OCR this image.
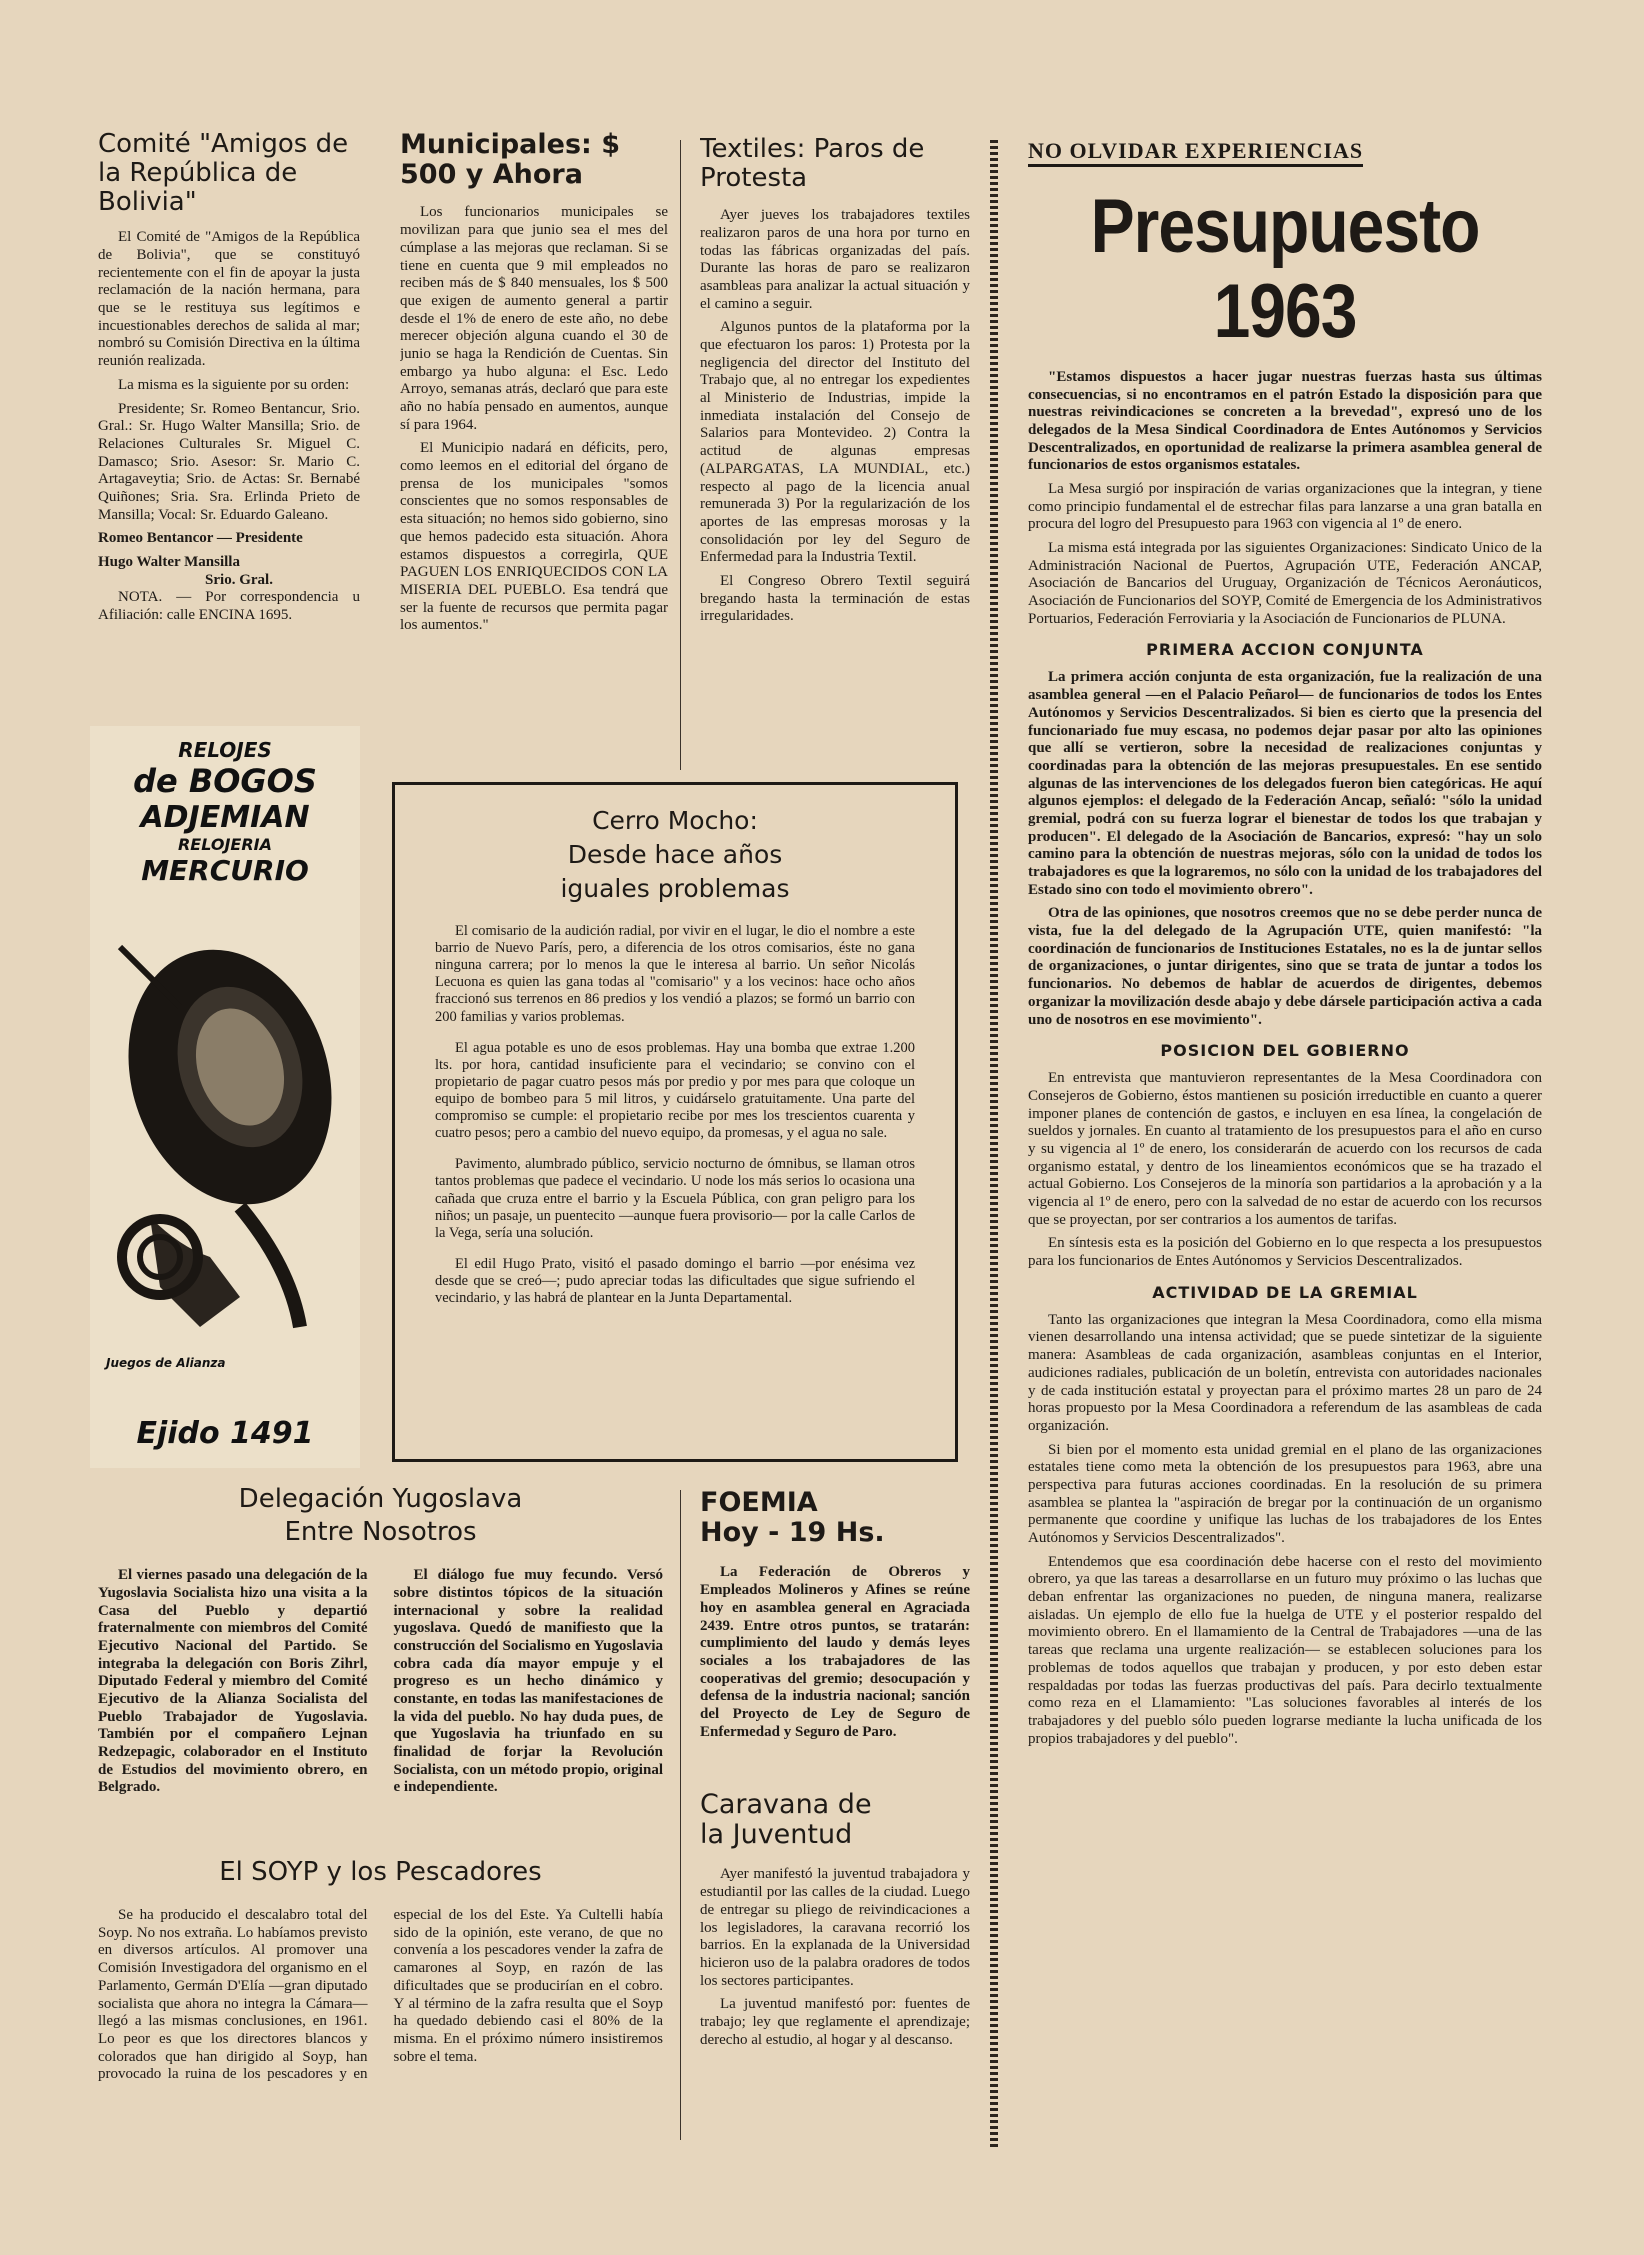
Comité "Amigos de la República de Bolivia"

El Comité de "Amigos de la República de Bolivia", que se constituyó recientemente con el fin de apoyar la justa reclamación de la nación hermana, para que se le restituya sus legítimos e incuestionables derechos de salida al mar; nombró su Comisión Directiva en la última reunión realizada.

La misma es la siguiente por su orden:

Presidente; Sr. Romeo Bentancur, Srio. Gral.: Sr. Hugo Walter Mansilla; Srio. de Relaciones Culturales Sr. Miguel C. Damasco; Srio. Asesor: Sr. Mario C. Artagaveytia; Srio. de Actas: Sr. Bernabé Quiñones; Sria. Sra. Erlinda Prieto de Mansilla; Vocal: Sr. Eduardo Galeano.

Romeo Bentancor — Presidente

Hugo Walter Mansilla

Srio. Gral.

NOTA. — Por correspondencia u Afiliación: calle ENCINA 1695.

RELOJES

de BOGOS

ADJEMIAN

RELOJERIA

MERCURIO

Juegos de Alianza

Ejido 1491

Municipales: $ 500 y Ahora

Los funcionarios municipales se movilizan para que junio sea el mes del cúmplase a las mejoras que reclaman. Si se tiene en cuenta que 9 mil empleados no reciben más de $ 840 mensuales, los $ 500 que exigen de aumento general a partir desde el 1% de enero de este año, no debe merecer objeción alguna cuando el 30 de junio se haga la Rendición de Cuentas. Sin embargo ya hubo alguna: el Esc. Ledo Arroyo, semanas atrás, declaró que para este año no había pensado en aumentos, aunque sí para 1964.

El Municipio nadará en déficits, pero, como leemos en el editorial del órgano de prensa de los municipales "somos conscientes que no somos responsables de esta situación; no hemos sido gobierno, sino que hemos padecido esta situación. Ahora estamos dispuestos a corregirla, QUE PAGUEN LOS ENRIQUECIDOS CON LA MISERIA DEL PUEBLO. Esa tendrá que ser la fuente de recursos que permita pagar los aumentos."

Textiles: Paros de Protesta

Ayer jueves los trabajadores textiles realizaron paros de una hora por turno en todas las fábricas organizadas del país. Durante las horas de paro se realizaron asambleas para analizar la actual situación y el camino a seguir.

Algunos puntos de la plataforma por la que efectuaron los paros: 1) Protesta por la negligencia del director del Instituto del Trabajo que, al no entregar los expedientes al Ministerio de Industrias, impide la inmediata instalación del Consejo de Salarios para Montevideo. 2) Contra la actitud de algunas empresas (ALPARGATAS, LA MUNDIAL, etc.) respecto al pago de la licencia anual remunerada 3) Por la regularización de los aportes de las empresas morosas y la consolidación por ley del Seguro de Enfermedad para la Industria Textil.

El Congreso Obrero Textil seguirá bregando hasta la terminación de estas irregularidades.

NO OLVIDAR EXPERIENCIAS
Presupuesto 1963

"Estamos dispuestos a hacer jugar nuestras fuerzas hasta sus últimas consecuencias, si no encontramos en el patrón Estado la disposición para que nuestras reivindicaciones se concreten a la brevedad", expresó uno de los delegados de la Mesa Sindical Coordinadora de Entes Autónomos y Servicios Descentralizados, en oportunidad de realizarse la primera asamblea general de funcionarios de estos organismos estatales.

La Mesa surgió por inspiración de varias organizaciones que la integran, y tiene como principio fundamental el de estrechar filas para lanzarse a una gran batalla en procura del logro del Presupuesto para 1963 con vigencia al 1º de enero.

La misma está integrada por las siguientes Organizaciones: Sindicato Unico de la Administración Nacional de Puertos, Agrupación UTE, Federación ANCAP, Asociación de Bancarios del Uruguay, Organización de Técnicos Aeronáuticos, Asociación de Funcionarios del SOYP, Comité de Emergencia de los Administrativos Portuarios, Federación Ferroviaria y la Asociación de Funcionarios de PLUNA.

PRIMERA ACCION CONJUNTA

La primera acción conjunta de esta organización, fue la realización de una asamblea general —en el Palacio Peñarol— de funcionarios de todos los Entes Autónomos y Servicios Descentralizados. Si bien es cierto que la presencia del funcionariado fue muy escasa, no podemos dejar pasar por alto las opiniones que allí se vertieron, sobre la necesidad de realizaciones conjuntas y coordinadas para la obtención de las mejoras presupuestales. En ese sentido algunas de las intervenciones de los delegados fueron bien categóricas. He aquí algunos ejemplos: el delegado de la Federación Ancap, señaló: "sólo la unidad gremial, podrá con su fuerza lograr el bienestar de todos los que trabajan y producen". El delegado de la Asociación de Bancarios, expresó: "hay un solo camino para la obtención de nuestras mejoras, sólo con la unidad de todos los trabajadores es que la lograremos, no sólo con la unidad de los trabajadores del Estado sino con todo el movimiento obrero".

Otra de las opiniones, que nosotros creemos que no se debe perder nunca de vista, fue la del delegado de la Agrupación UTE, quien manifestó: "la coordinación de funcionarios de Instituciones Estatales, no es la de juntar sellos de organizaciones, o juntar dirigentes, sino que se trata de juntar a todos los funcionarios. No debemos de hablar de acuerdos de dirigentes, debemos organizar la movilización desde abajo y debe dársele participación activa a cada uno de nosotros en ese movimiento".

POSICION DEL GOBIERNO

En entrevista que mantuvieron representantes de la Mesa Coordinadora con Consejeros de Gobierno, éstos mantienen su posición irreductible en cuanto a querer imponer planes de contención de gastos, e incluyen en esa línea, la congelación de sueldos y jornales. En cuanto al tratamiento de los presupuestos para el año en curso y su vigencia al 1º de enero, los considerarán de acuerdo con los recursos de cada organismo estatal, y dentro de los lineamientos económicos que se ha trazado el actual Gobierno. Los Consejeros de la minoría son partidarios a la aprobación y a la vigencia al 1º de enero, pero con la salvedad de no estar de acuerdo con los recursos que se proyectan, por ser contrarios a los aumentos de tarifas.

En síntesis esta es la posición del Gobierno en lo que respecta a los presupuestos para los funcionarios de Entes Autónomos y Servicios Descentralizados.

ACTIVIDAD DE LA GREMIAL

Tanto las organizaciones que integran la Mesa Coordinadora, como ella misma vienen desarrollando una intensa actividad; que se puede sintetizar de la siguiente manera: Asambleas de cada organización, asambleas conjuntas en el Interior, audiciones radiales, publicación de un boletín, entrevista con autoridades nacionales y de cada institución estatal y proyectan para el próximo martes 28 un paro de 24 horas propuesto por la Mesa Coordinadora a referendum de las asambleas de cada organización.

Si bien por el momento esta unidad gremial en el plano de las organizaciones estatales tiene como meta la obtención de los presupuestos para 1963, abre una perspectiva para futuras acciones coordinadas. En la resolución de su primera asamblea se plantea la "aspiración de bregar por la continuación de un organismo permanente que coordine y unifique las luchas de los trabajadores de los Entes Autónomos y Servicios Descentralizados".

Entendemos que esa coordinación debe hacerse con el resto del movimiento obrero, ya que las tareas a desarrollarse en un futuro muy próximo o las luchas que deban enfrentar las organizaciones no pueden, de ninguna manera, realizarse aisladas. Un ejemplo de ello fue la huelga de UTE y el posterior respaldo del movimiento obrero. En el llamamiento de la Central de Trabajadores —una de las tareas que reclama una urgente realización— se establecen soluciones para los problemas de todos aquellos que trabajan y producen, y por esto deben estar respaldadas por todas las fuerzas productivas del país. Para decirlo textualmente como reza en el Llamamiento: "Las soluciones favorables al interés de los trabajadores y del pueblo sólo pueden lograrse mediante la lucha unificada de los propios trabajadores y del pueblo".

Cerro Mocho:
Desde hace años
iguales problemas

El comisario de la audición radial, por vivir en el lugar, le dio el nombre a este barrio de Nuevo París, pero, a diferencia de los otros comisarios, éste no gana ninguna carrera; por lo menos la que le interesa al barrio. Un señor Nicolás Lecuona es quien las gana todas al "comisario" y a los vecinos: hace ocho años fraccionó sus terrenos en 86 predios y los vendió a plazos; se formó un barrio con 200 familias y varios problemas.

El agua potable es uno de esos problemas. Hay una bomba que extrae 1.200 lts. por hora, cantidad insuficiente para el vecindario; se convino con el propietario de pagar cuatro pesos más por predio y por mes para que coloque un equipo de bombeo para 5 mil litros, y cuidárselo gratuitamente. Una parte del compromiso se cumple: el propietario recibe por mes los trescientos cuarenta y cuatro pesos; pero a cambio del nuevo equipo, da promesas, y el agua no sale.

Pavimento, alumbrado público, servicio nocturno de ómnibus, se llaman otros tantos problemas que padece el vecindario. U node los más serios lo ocasiona una cañada que cruza entre el barrio y la Escuela Pública, con gran peligro para los niños; un pasaje, un puentecito —aunque fuera provisorio— por la calle Carlos de la Vega, sería una solución.

El edil Hugo Prato, visitó el pasado domingo el barrio —por enésima vez desde que se creó—; pudo apreciar todas las dificultades que sigue sufriendo el vecindario, y las habrá de plantear en la Junta Departamental.

Delegación Yugoslava
Entre Nosotros

El viernes pasado una delegación de la Yugoslavia Socialista hizo una visita a la Casa del Pueblo y departió fraternalmente con miembros del Comité Ejecutivo Nacional del Partido. Se integraba la delegación con Boris Zihrl, Diputado Federal y miembro del Comité Ejecutivo de la Alianza Socialista del Pueblo Trabajador de Yugoslavia. También por el compañero Lejnan Redzepagic, colaborador en el Instituto de Estudios del movimiento obrero, en Belgrado.

El diálogo fue muy fecundo. Versó sobre distintos tópicos de la situación internacional y sobre la realidad yugoslava. Quedó de manifiesto que la construcción del Socialismo en Yugoslavia cobra cada día mayor empuje y el progreso es un hecho dinámico y constante, en todas las manifestaciones de la vida del pueblo. No hay duda pues, de que Yugoslavia ha triunfado en su finalidad de forjar la Revolución Socialista, con un método propio, original e independiente.

El SOYP y los Pescadores

Se ha producido el descalabro total del Soyp. No nos extraña. Lo habíamos previsto en diversos artículos. Al promover una Comisión Investigadora del organismo en el Parlamento, Germán D'Elía —gran diputado socialista que ahora no integra la Cámara— llegó a las mismas conclusiones, en 1961. Lo peor es que los directores blancos y colorados que han dirigido al Soyp, han provocado la ruina de los pescadores y en especial de los del Este. Ya Cultelli había sido de la opinión, este verano, de que no convenía a los pescadores vender la zafra de camarones al Soyp, en razón de las dificultades que se producirían en el cobro. Y al término de la zafra resulta que el Soyp ha quedado debiendo casi el 80% de la misma. En el próximo número insistiremos sobre el tema.

FOEMIA
Hoy - 19 Hs.

La Federación de Obreros y Empleados Molineros y Afines se reúne hoy en asamblea general en Agraciada 2439. Entre otros puntos, se tratarán: cumplimiento del laudo y demás leyes sociales a los trabajadores de las cooperativas del gremio; desocupación y defensa de la industria nacional; sanción del Proyecto de Ley de Seguro de Enfermedad y Seguro de Paro.

Caravana de
la Juventud

Ayer manifestó la juventud trabajadora y estudiantil por las calles de la ciudad. Luego de entregar su pliego de reivindicaciones a los legisladores, la caravana recorrió los barrios. En la explanada de la Universidad hicieron uso de la palabra oradores de todos los sectores participantes.

La juventud manifestó por: fuentes de trabajo; ley que reglamente el aprendizaje; derecho al estudio, al hogar y al descanso.
